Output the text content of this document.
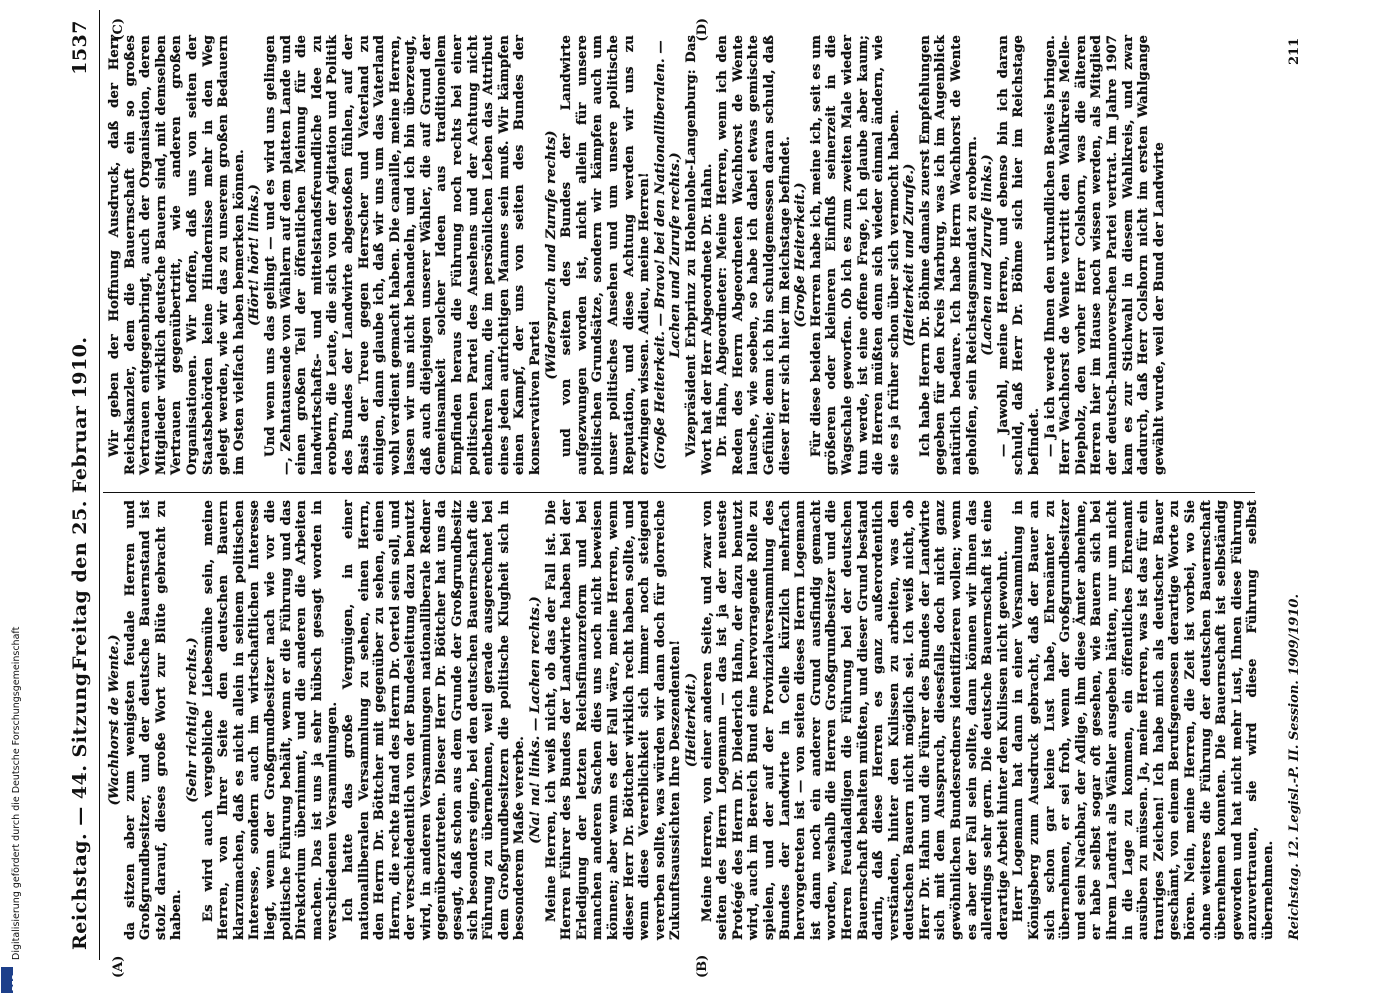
Digitalisierung gefördert durch die Deutsche Forschungsgemeinschaft
DFG
Reichstag. — 44. Sitzung.
Freitag den 25. Februar 1910.
1537
(A)	(B)
(C)	(D)

(Wachhorst de Wente.) da sitzen aber zum wenigsten feudale Herren und Großgrundbesitzer, und der deutsche Bauernstand ist stolz darauf, dieses große Wort zur Blüte gebracht zu haben.

(Sehr richtig! rechts.) Es wird auch vergebliche Liebesmühe sein, meine Herren, von Ihrer Seite den deutschen Bauern klarzumachen, daß es nicht allein in seinem politischen Interesse, sondern auch im wirtschaftlichen Interesse liegt, wenn der Großgrundbesitzer nach wie vor die politische Führung behält, wenn er die Führung und das Direktorium übernimmt, und die anderen die Arbeiten machen. Das ist uns ja sehr hübsch gesagt worden in verschiedenen Versammlungen. Ich hatte das große Vergnügen, in einer nationalliberalen Versammlung zu sehen, einen Herrn, den Herrn Dr. Böttcher mit gegenüber zu sehen, einen Herrn, die rechte Hand des Herrn Dr. Oertel sein soll, und der verschiedentlich von der Bundesleitung dazu benutzt wird, in anderen Versammlungen nationalliberale Redner gegenüberzutreten. Dieser Herr Dr. Böttcher hat uns da gesagt, daß schon aus dem Grunde der Großgrundbesitz sich besonders eigne, bei den deutschen Bauernschaft die Führung zu übernehmen, weil gerade ausgerechnet bei dem Großgrundbesitzern die politische Klugheit sich in besonderem Maße vererbe. (Na! na! links. — Lachen rechts.) Meine Herren, ich weiß nicht, ob das der Fall ist. Die Herren Führer des Bundes der Landwirte haben bei der Erledigung der letzten Reichsfinanzreform und bei manchen anderen Sachen dies uns noch nicht beweisen können; aber wenn es der Fall wäre, meine Herren, wenn dieser Herr Dr. Böttcher wirklich recht haben sollte, und wenn diese Vererblichkeit sich immer noch steigend vererben sollte, was würden wir dann doch für glorreiche Zukunftsaussichten Ihre Deszendenten! (Heiterkeit.) Meine Herren, von einer anderen Seite, und zwar von seiten des Herrn Logemann — das ist ja der neueste Protégé des Herrn Dr. Diederich Hahn, der dazu benutzt wird, auch im Bereich Bund eine hervorragende Rolle zu spielen, und der auf der Provinzialversammlung des Bundes der Landwirte in Celle kürzlich mehrfach hervorgetreten ist — von seiten dieses Herrn Logemann ist dann noch ein anderer Grund ausfindig gemacht worden, weshalb die Herren Großgrundbesitzer und die Herren Feudaladligen die Führung bei der deutschen Bauernschaft behalten müßten, und dieser Grund bestand darin, daß diese Herren es ganz außerordentlich verständen, hinter den Kulissen zu arbeiten, was den deutschen Bauern nicht möglich sei. Ich weiß nicht, ob Herr Dr. Hahn und die Führer des Bundes der Landwirte sich mit dem Ausspruch, diesesfalls doch nicht ganz gewöhnlichen Bundesredners identifizieren wollen; wenn es aber der Fall sein sollte, dann können wir ihnen das allerdings sehr gern. Die deutsche Bauernschaft ist eine derartige Arbeit hinter den Kulissen nicht gewohnt. Herr Logemann hat dann in einer Versammlung in Königsberg zum Ausdruck gebracht, daß der Bauer an sich schon gar keine Lust habe, Ehrenämter zu übernehmen, er sei froh, wenn der Großgrundbesitzer und sein Nachbar, der Adlige, ihm diese Ämter abnehme, er habe selbst sogar oft gesehen, wie Bauern sich bei ihrem Landrat als Wähler ausgeben hätten, nur um nicht in die Lage zu kommen, ein öffentliches Ehrenamt ausüben zu müssen. Ja, meine Herren, was ist das für ein trauriges Zeichen! Ich habe mich als deutscher Bauer geschämt, von einem Berufsgenossen derartige Worte zu hören. Nein, meine Herren, die Zeit ist vorbei, wo Sie ohne weiteres die Führung der deutschen Bauernschaft übernehmen konnten. Die Bauernschaft ist selbständig geworden und hat nicht mehr Lust, Ihnen diese Führung anzuvertrauen, sie wird diese Führung selbst übernehmen.

Wir geben der Hoffnung Ausdruck, daß der Herr Reichskanzler, dem die Bauernschaft ein so großes Vertrauen entgegenbringt, auch der Organisation, deren Mitglieder wirklich deutsche Bauern sind, mit demselben Vertrauen gegenübertritt, wie anderen großen Organisationen. Wir hoffen, daß uns von seiten der Staatsbehörden keine Hindernisse mehr in den Weg gelegt werden, wie wir das zu unserem großen Bedauern im Osten vielfach haben bemerken können. (Hört! hört! links.) Und wenn uns das gelingt — und es wird uns gelingen —, Zehntausende von Wählern auf dem platten Lande und einen großen Teil der öffentlichen Meinung für die landwirtschafts- und mittelstandsfreundliche Idee zu erobern, die Leute, die sich von der Agitation und Politik des Bundes der Landwirte abgestoßen fühlen, auf der Basis der Treue gegen Herrscher und Vaterland zu einigen, dann glaube ich, daß wir uns um das Vaterland wohl verdient gemacht haben. Die canaille, meine Herren, lassen wir uns nicht behandeln, und ich bin überzeugt, daß auch diejenigen unserer Wähler, die auf Grund der Gemeinsamkeit solcher Ideen aus traditionellem Empfinden heraus die Führung noch rechts bei einer politischen Partei des Ansehens und der Achtung nicht entbehren kann, die im persönlichen Leben das Attribut eines jeden aufrichtigen Mannes sein muß. Wir kämpfen einen Kampf, der uns von seiten des Bundes der konservativen Partei

(Widerspruch und Zurufe rechts) und von seiten des Bundes der Landwirte aufgezwungen worden ist, nicht allein für unsere politischen Grundsätze, sondern wir kämpfen auch um unser politisches Ansehen und um unsere politische Reputation, und diese Achtung werden wir uns zu erzwingen wissen. Adieu, meine Herren! (Große Heiterkeit. — Bravo! bei den Nationalliberalen. — Lachen und Zurufe rechts.) Vizepräsident Erbprinz zu Hohenlohe-Langenburg: Das Wort hat der Herr Abgeordnete Dr. Hahn. Dr. Hahn, Abgeordneter: Meine Herren, wenn ich den Reden des Herrn Abgeordneten Wachhorst de Wente lausche, wie soeben, so habe ich dabei etwas gemischte Gefühle; denn ich bin schuldgemessen daran schuld, daß dieser Herr sich hier im Reichstage befindet. (Große Heiterkeit.) Für diese beiden Herren habe ich, meine ich, seit es um größeren oder kleineren Einfluß seinerzeit in die Wagschale geworfen. Ob ich es zum zweiten Male wieder tun werde, ist eine offene Frage, ich glaube aber kaum; die Herren müßten denn sich wieder einmal ändern, wie sie es ja früher schon über sich vermocht haben. (Heiterkeit und Zurufe.) Ich habe Herrn Dr. Böhme damals zuerst Empfehlungen gegeben für den Kreis Marburg, was ich im Augenblick natürlich bedaure. Ich habe Herrn Wachhorst de Wente geholfen, sein Reichstagsmandat zu erobern. (Lachen und Zurufe links.) — Jawohl, meine Herren, und ebenso bin ich daran schuld, daß Herr Dr. Böhme sich hier im Reichstage befindet. — Ja ich werde Ihnen den urkundlichen Beweis bringen. Herr Wachhorst de Wente vertritt den Wahlkreis Melle-Diepholz, den vorher Herr Colshorn, was die älteren Herren hier im Hause noch wissen werden, als Mitglied der deutsch-hannoverschen Partei vertrat. Im Jahre 1907 kam es zur Stichwahl in diesem Wahlkreis, und zwar dadurch, daß Herr Colshorn nicht im ersten Wahlgange gewählt wurde, weil der Bund der Landwirte

Reichstag. 12. Legisl.-P. II. Session. 1909/1910.
211
